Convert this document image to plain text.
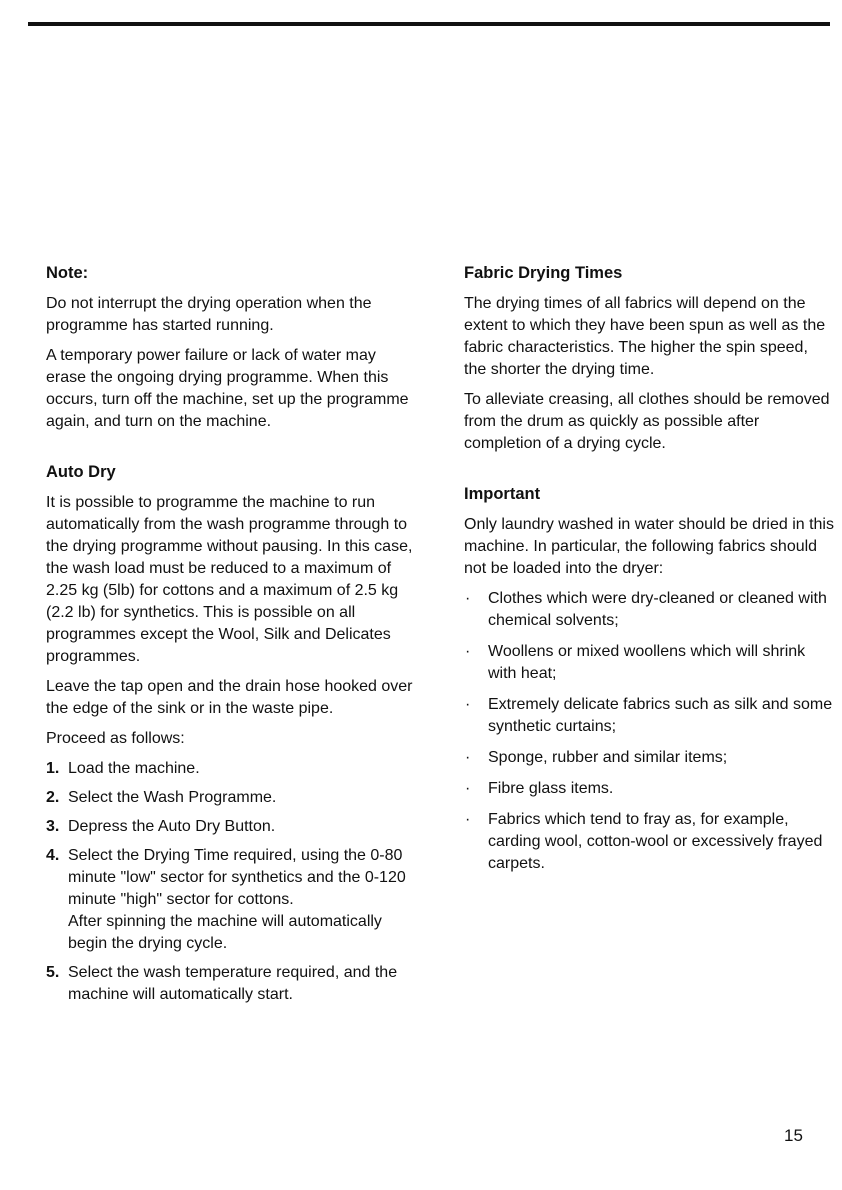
Note:

Do not interrupt the drying operation when the programme has started running.

A temporary power failure or lack of water may erase the ongoing drying programme. When this occurs, turn off the machine, set up the programme again, and turn on the machine.

Auto Dry

It is possible to programme the machine to run automatically from the wash programme through to the drying programme without pausing. In this case, the wash load must be reduced to a maximum of 2.25 kg (5lb) for cottons and a maximum of 2.5 kg (2.2 lb) for synthetics. This is possible on all programmes except the Wool, Silk and Delicates programmes.

Leave the tap open and the drain hose hooked over the edge of the sink or in the waste pipe.

Proceed as follows:

1. Load the machine.
2. Select the Wash Programme.
3. Depress the Auto Dry Button.
4. Select the Drying Time required, using the 0-80 minute "low" sector for synthetics and the 0-120 minute "high" sector for cottons.
After spinning the machine will automatically begin the drying cycle.
5. Select the wash temperature required, and the machine will automatically start.
Fabric Drying Times

The drying times of all fabrics will depend on the extent to which they have been spun as well as the fabric characteristics. The higher the spin speed, the shorter the drying time.

To alleviate creasing, all clothes should be removed from the drum as quickly as possible after completion of a drying cycle.

Important

Only laundry washed in water should be dried in this machine. In particular, the following fabrics should not be loaded into the dryer:

·	Clothes which were dry-cleaned or cleaned with chemical solvents;
·	Woollens or mixed woollens which will shrink with heat;
·	Extremely delicate fabrics such as silk and some synthetic curtains;
·	Sponge, rubber and similar items;
·	Fibre glass items.
·	Fabrics which tend to fray as, for example, carding wool, cotton-wool or excessively frayed carpets.
15
